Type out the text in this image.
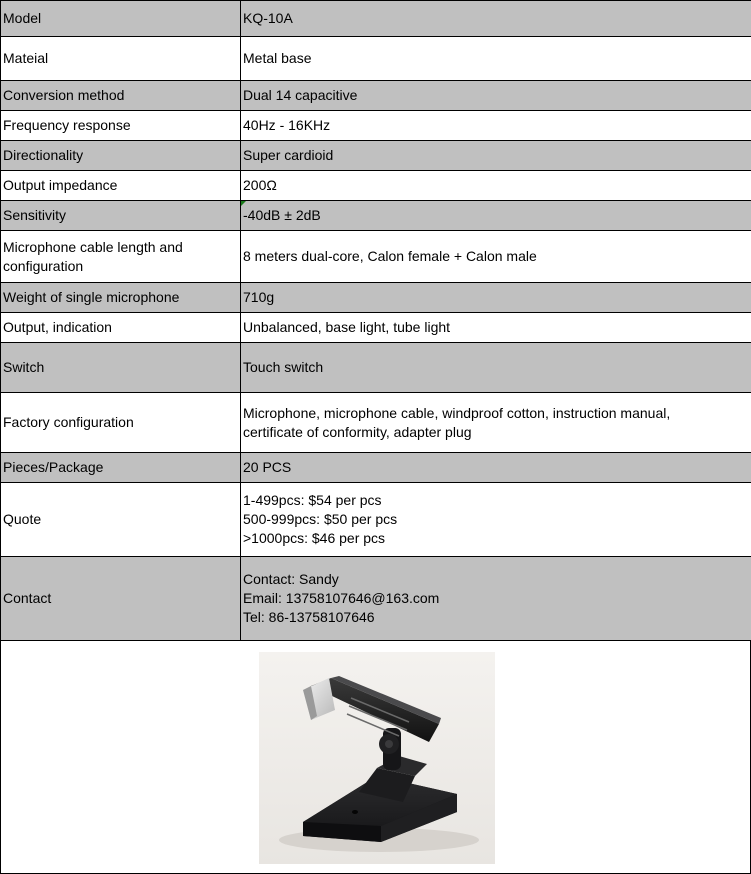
Model	KQ-10A
Mateial	Metal base
Conversion method	Dual 14 capacitive
Frequency response	40Hz - 16KHz
Directionality	Super cardioid
Output impedance	200Ω
Sensitivity	-40dB ± 2dB

Microphone cable length and
configuration	8 meters dual-core, Calon female + Calon male
Weight of single microphone	710g
Output, indication	Unbalanced, base light, tube light
Switch	Touch switch
Factory configuration	Microphone, microphone cable, windproof cotton, instruction manual,
certificate of conformity, adapter plug

Pieces/Package	20 PCS
Quote	1-499pcs: $54 per pcs
500-999pcs: $50 per pcs
>1000pcs: $46 per pcs

Contact	Contact: Sandy
Email: 13758107646@163.com
Tel: 86-13758107646
